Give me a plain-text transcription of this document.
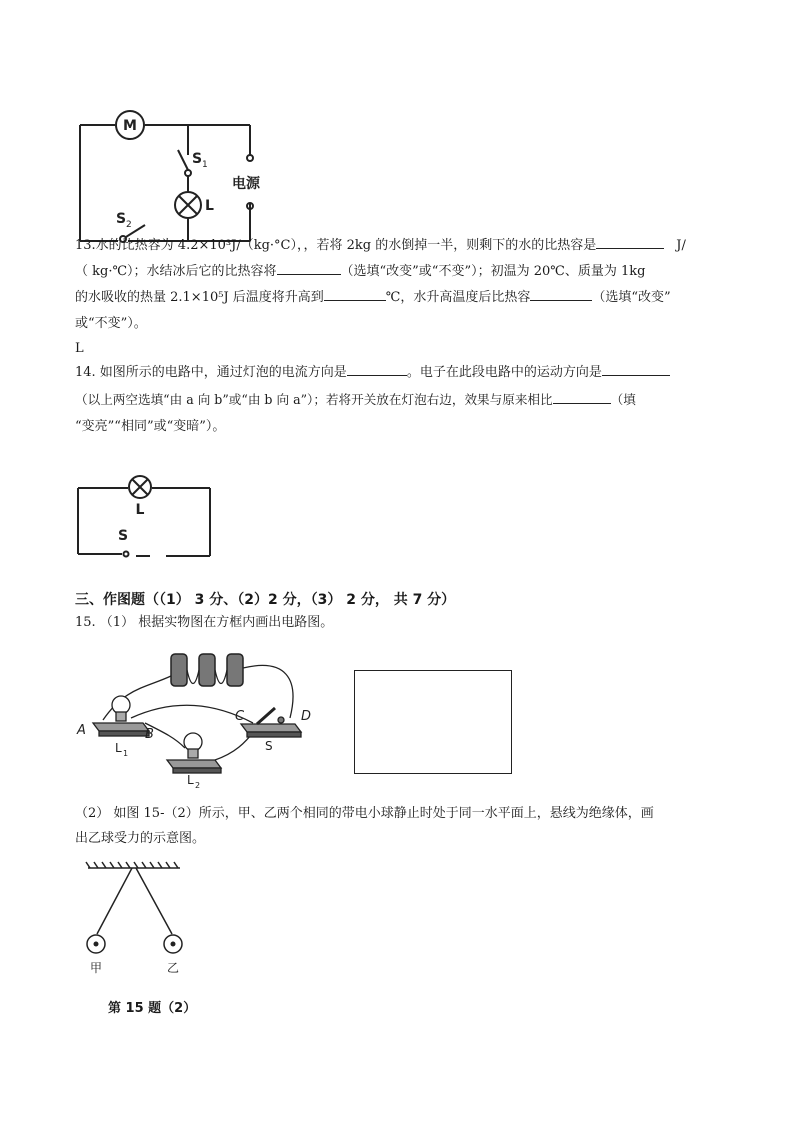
M
S 1
S 2
L
电源
13.水的比热容为 4.2×10³J/（kg·°C），，若将 2kg 的水倒掉一半，则剩下的水的比热容是	J/
（ kg·℃）；水结冰后它的比热容将	（选填“改变”或“不变”）；初温为 20℃、质量为 1kg
的水吸收的热量 2.1×10⁵J 后温度将升高到	℃，水升高温度后比热容	（选填“改变”
或“不变”）。
L
14. 如图所示的电路中，通过灯泡的电流方向是	。电子在此段电路中的运动方向是
（以上两空选填“由 a 向 b”或“由 b 向 a”）；若将开关放在灯泡右边，效果与原来相比	（填
“变亮”“相同”或“变暗”）。
L
S
三、作图题（（1） 3 分、（2）2 分，（3） 2 分， 共 7 分）
15. （1） 根据实物图在方框内画出电路图。
A	B
C	D
L 1
L 2
S
（2） 如图 15-（2）所示，甲、乙两个相同的带电小球静止时处于同一水平面上，悬线为绝缘体，画
出乙球受力的示意图。
甲	乙
第 15 题（2）
